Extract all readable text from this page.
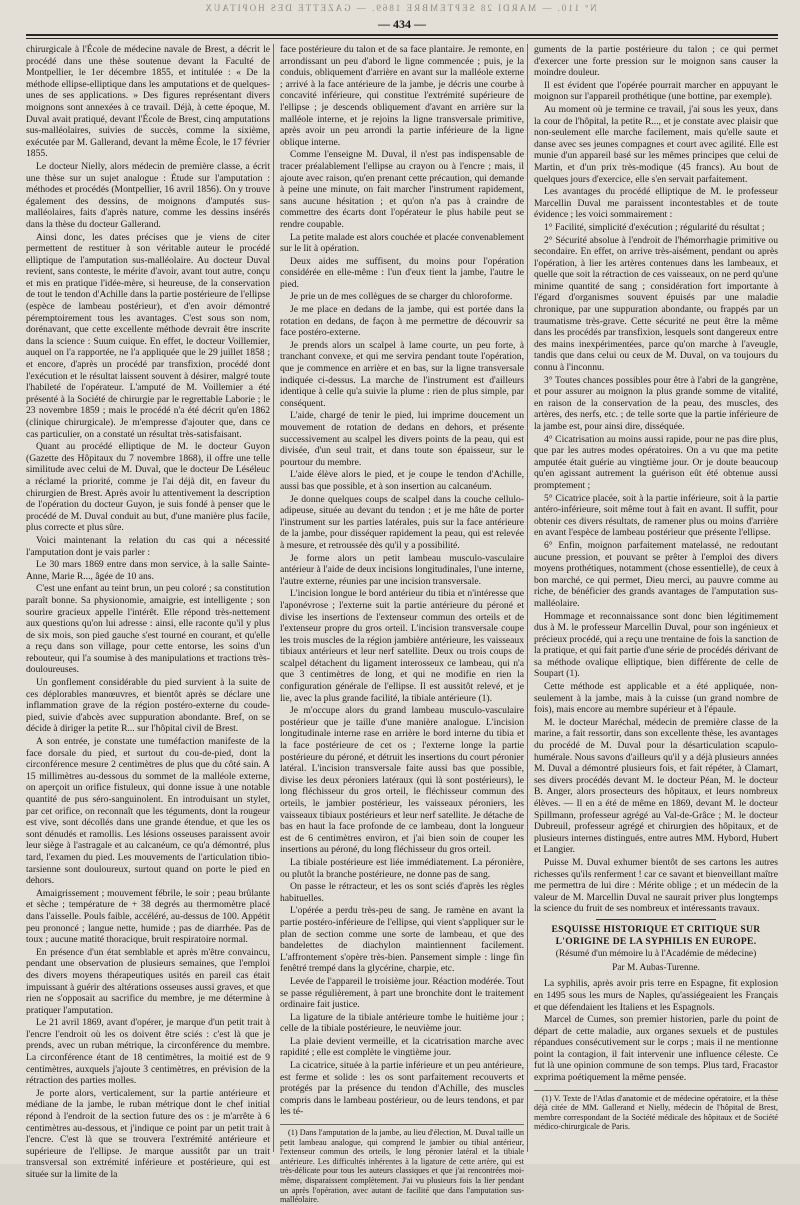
Nº 110. — MARDI 28 SEPTEMBRE 1869. — GAZETTE DES HOPITAUX
— 434 —

chirurgicale à l'École de médecine navale de Brest, a décrit le procédé dans une thèse soutenue devant la Faculté de Montpellier, le 1er décembre 1855, et intitulée : « De la méthode ellipse-elliptique dans les amputations et de quelques-unes de ses applications. » Des figures représentant divers moignons sont annexées à ce travail. Déjà, à cette époque, M. Duval avait pratiqué, devant l'École de Brest, cinq amputations sus-malléolaires, suivies de succès, comme la sixième, exécutée par M. Gallerand, devant la même École, le 17 février 1855.

Le docteur Nielly, alors médecin de première classe, a écrit une thèse sur un sujet analogue : Étude sur l'amputation : méthodes et procédés (Montpellier, 16 avril 1856). On y trouve également des dessins, de moignons d'amputés sus-malléolaires, faits d'après nature, comme les dessins insérés dans la thèse du docteur Gallerand.

Ainsi donc, les dates précises que je viens de citer permettent de restituer à son véritable auteur le procédé elliptique de l'amputation sus-malléolaire. Au docteur Duval revient, sans conteste, le mérite d'avoir, avant tout autre, conçu et mis en pratique l'idée-mère, si heureuse, de la conservation de tout le tendon d'Achille dans la partie postérieure de l'ellipse (espèce de lambeau postérieur), et d'en avoir démontré péremptoirement tous les avantages. C'est sous son nom, dorénavant, que cette excellente méthode devrait être inscrite dans la science : Suum cuique. En effet, le docteur Voillemier, auquel on l'a rapportée, ne l'a appliquée que le 29 juillet 1858 ; et encore, d'après un procédé par transfixion, procédé dont l'exécution et le résultat laissent souvent à désirer, malgré toute l'habileté de l'opérateur. L'amputé de M. Voillemier a été présenté à la Société de chirurgie par le regrettable Laborie ; le 23 novembre 1859 ; mais le procédé n'a été décrit qu'en 1862 (clinique chirurgicale). Je m'empresse d'ajouter que, dans ce cas particulier, on a constaté un résultat très-satisfaisant.

Quant au procédé elliptique de M. le docteur Guyon (Gazette des Hôpitaux du 7 novembre 1868), il offre une telle similitude avec celui de M. Duval, que le docteur De Léséleuc a réclamé la priorité, comme je l'ai déjà dit, en faveur du chirurgien de Brest. Après avoir lu attentivement la description de l'opération du docteur Guyon, je suis fondé à penser que le procédé de M. Duval conduit au but, d'une manière plus facile, plus correcte et plus sûre.

Voici maintenant la relation du cas qui a nécessité l'amputation dont je vais parler :

Le 30 mars 1869 entre dans mon service, à la salle Sainte-Anne, Marie R..., âgée de 10 ans.

C'est une enfant au teint brun, un peu coloré ; sa constitution paraît bonne. Sa physionomie, amaigrie, est intelligente ; son sourire gracieux appelle l'intérêt. Elle répond très-nettement aux questions qu'on lui adresse : ainsi, elle raconte qu'il y plus de six mois, son pied gauche s'est tourné en courant, et qu'elle a reçu dans son village, pour cette entorse, les soins d'un rebouteur, qui l'a soumise à des manipulations et tractions très-douloureuses.

Un gonflement considérable du pied survient à la suite de ces déplorables manœuvres, et bientôt après se déclare une inflammation grave de la région postéro-externe du coude-pied, suivie d'abcès avec suppuration abondante. Bref, on se décide à diriger la petite R... sur l'hôpital civil de Brest.

A son entrée, je constate une tuméfaction manifeste de la face dorsale du pied, et surtout du cou-de-pied, dont la circonférence mesure 2 centimètres de plus que du côté sain. A 15 millimètres au-dessous du sommet de la malléole externe, on aperçoit un orifice fistuleux, qui donne issue à une notable quantité de pus séro-sanguinolent. En introduisant un stylet, par cet orifice, on reconnaît que les téguments, dont la rougeur est vive, sont décollés dans une grande étendue, et que les os sont dénudés et ramollis. Les lésions osseuses paraissent avoir leur siège à l'astragale et au calcanéum, ce qu'a démontré, plus tard, l'examen du pied. Les mouvements de l'articulation tibio-tarsienne sont douloureux, surtout quand on porte le pied en dehors.

Amaigrissement ; mouvement fébrile, le soir ; peau brûlante et sèche ; température de + 38 degrés au thermomètre placé dans l'aisselle. Pouls faible, accéléré, au-dessus de 100. Appétit peu prononcé ; langue nette, humide ; pas de diarrhée. Pas de toux ; aucune matité thoracique, bruit respiratoire normal.

En présence d'un état semblable et après m'être convaincu, pendant une observation de plusieurs semaines, que l'emploi des divers moyens thérapeutiques usités en pareil cas était impuissant à guérir des altérations osseuses aussi graves, et que rien ne s'opposait au sacrifice du membre, je me détermine à pratiquer l'amputation.

Le 21 avril 1869, avant d'opérer, je marque d'un petit trait à l'encre l'endroit où les os doivent être sciés : c'est là que je prends, avec un ruban métrique, la circonférence du membre. La circonférence étant de 18 centimètres, la moitié est de 9 centimètres, auxquels j'ajoute 3 centimètres, en prévision de la rétraction des parties molles.

Je porte alors, verticalement, sur la partie antérieure et médiane de la jambe, le ruban métrique dont le chef initial répond à l'endroit de la section future des os : je m'arrête à 6 centimètres au-dessous, et j'indique ce point par un petit trait à l'encre. C'est là que se trouvera l'extrémité antérieure et supérieure de l'ellipse. Je marque aussitôt par un trait transversal son extrémité inférieure et postérieure, qui est située sur la limite de la

face postérieure du talon et de sa face plantaire. Je remonte, en arrondissant un peu d'abord le ligne commencée ; puis, je la conduis, obliquement d'arrière en avant sur la malléole externe ; arrivé à la face antérieure de la jambe, je décris une courbe à concavité inférieure, qui constitue l'extrémité supérieure de l'ellipse ; je descends obliquement d'avant en arrière sur la malléole interne, et je rejoins la ligne transversale primitive, après avoir un peu arrondi la partie inférieure de la ligne oblique interne.

Comme l'enseigne M. Duval, il n'est pas indispensable de tracer préalablement l'ellipse au crayon ou à l'encre ; mais, il ajoute avec raison, qu'en prenant cette précaution, qui demande à peine une minute, on fait marcher l'instrument rapidement, sans aucune hésitation ; et qu'on n'a pas à craindre de commettre des écarts dont l'opérateur le plus habile peut se rendre coupable.

La petite malade est alors couchée et placée convenablement sur le lit à opération.

Deux aides me suffisent, du moins pour l'opération considérée en elle-même : l'un d'eux tient la jambe, l'autre le pied.

Je prie un de mes collègues de se charger du chloroforme.

Je me place en dedans de la jambe, qui est portée dans la rotation en dedans, de façon à me permettre de découvrir sa face postéro-externe.

Je prends alors un scalpel à lame courte, un peu forte, à tranchant convexe, et qui me servira pendant toute l'opération, que je commence en arrière et en bas, sur la ligne transversale indiquée ci-dessus. La marche de l'instrument est d'ailleurs identique à celle qu'a suivie la plume : rien de plus simple, par conséquent.

L'aide, chargé de tenir le pied, lui imprime doucement un mouvement de rotation de dedans en dehors, et présente successivement au scalpel les divers points de la peau, qui est divisée, d'un seul trait, et dans toute son épaisseur, sur le pourtour du membre.

L'aide élève alors le pied, et je coupe le tendon d'Achille, aussi bas que possible, et à son insertion au calcanéum.

Je donne quelques coups de scalpel dans la couche cellulo-adipeuse, située au devant du tendon ; et je me hâte de porter l'instrument sur les parties latérales, puis sur la face antérieure de la jambe, pour disséquer rapidement la peau, qui est relevée à mesure, et retroussée dès qu'il y a possibilité.

Je forme alors un petit lambeau musculo-vasculaire antérieur à l'aide de deux incisions longitudinales, l'une interne, l'autre externe, réunies par une incision transversale.

L'incision longue le bord antérieur du tibia et n'intéresse que l'aponévrose ; l'externe suit la partie antérieure du péroné et divise les insertions de l'extenseur commun des orteils et de l'extenseur propre du gros orteil. L'incision transversale coupe les trois muscles de la région jambière antérieure, les vaisseaux tibiaux antérieurs et leur nerf satellite. Deux ou trois coups de scalpel détachent du ligament interosseux ce lambeau, qui n'a que 3 centimètres de long, et qui ne modifie en rien la configuration générale de l'ellipse. Il est aussitôt relevé, et je lie, avec la plus grande facilité, la tibiale antérieure (1).

Je m'occupe alors du grand lambeau musculo-vasculaire postérieur que je taille d'une manière analogue. L'incision longitudinale interne rase en arrière le bord interne du tibia et la face postérieure de cet os ; l'externe longe la partie postérieure du péroné, et détruit les insertions du court péronier latéral. L'incision transversale faite aussi bas que possible, divise les deux péroniers latéraux (qui là sont postérieurs), le long fléchisseur du gros orteil, le fléchisseur commun des orteils, le jambier postérieur, les vaisseaux péroniers, les vaisseaux tibiaux postérieurs et leur nerf satellite. Je détache de bas en haut la face profonde de ce lambeau, dont la longueur est de 6 centimètres environ, et j'ai bien soin de couper les insertions au péroné, du long fléchisseur du gros orteil.

La tibiale postérieure est liée immédiatement. La péronière, ou plutôt la branche postérieure, ne donne pas de sang.

On passe le rétracteur, et les os sont sciés d'après les règles habituelles.

L'opérée a perdu très-peu de sang. Je ramène en avant la partie postéro-inférieure de l'ellipse, qui vient s'appliquer sur le plan de section comme une sorte de lambeau, et que des bandelettes de diachylon maintiennent facilement. L'affrontement s'opère très-bien. Pansement simple : linge fin fenêtré trempé dans la glycérine, charpie, etc.

Levée de l'appareil le troisième jour. Réaction modérée. Tout se passe régulièrement, à part une bronchite dont le traitement ordinaire fait justice.

La ligature de la tibiale antérieure tombe le huitième jour ; celle de la tibiale postérieure, le neuvième jour.

La plaie devient vermeille, et la cicatrisation marche avec rapidité ; elle est complète le vingtième jour.

La cicatrice, située à la partie inférieure et un peu antérieure, est ferme et solide : les os sont parfaitement recouverts et protégés par la présence du tendon d'Achille, des muscles compris dans le lambeau postérieur, ou de leurs tendons, et par les té-

(1) Dans l'amputation de la jambe, au lieu d'élection, M. Duval taille un petit lambeau analogue, qui comprend le jambier ou tibial antérieur, l'extenseur commun des orteils, le long péronier latéral et la tibiale antérieure. Les difficultés inhérentes à la ligature de cette artère, qui est très-délicate pour tous les auteurs classiques et que j'ai rencontrées moi-même, disparaissent complètement. J'ai vu plusieurs fois la lier pendant un après l'opération, avec autant de facilité que dans l'amputation sus-malléolaire.

guments de la partie postérieure du talon ; ce qui permet d'exercer une forte pression sur le moignon sans causer la moindre douleur.

Il est évident que l'opérée pourrait marcher en appuyant le moignon sur l'appareil prothétique (une bottine, par exemple).

Au moment où je termine ce travail, j'ai sous les yeux, dans la cour de l'hôpital, la petite R..., et je constate avec plaisir que non-seulement elle marche facilement, mais qu'elle saute et danse avec ses jeunes compagnes et court avec agilité. Elle est munie d'un appareil basé sur les mêmes principes que celui de Martin, et d'un prix très-modique (45 francs). Au bout de quelques jours d'exercice, elle s'en servait parfaitement.

Les avantages du procédé elliptique de M. le professeur Marcellin Duval me paraissent incontestables et de toute évidence ; les voici sommairement :

1° Facilité, simplicité d'exécution ; régularité du résultat ;

2° Sécurité absolue à l'endroit de l'hémorrhagie primitive ou secondaire. En effet, on arrive très-aisément, pendant ou après l'opération, à lier les artères contenues dans les lambeaux, et quelle que soit la rétraction de ces vaisseaux, on ne perd qu'une minime quantité de sang ; considération fort importante à l'égard d'organismes souvent épuisés par une maladie chronique, par une suppuration abondante, ou frappés par un traumatisme très-grave. Cette sécurité ne peut être la même dans les procédés par transfixion, lesquels sont dangereux entre des mains inexpérimentées, parce qu'on marche à l'aveugle, tandis que dans celui ou ceux de M. Duval, on va toujours du connu à l'inconnu.

3° Toutes chances possibles pour être à l'abri de la gangrène, et pour assurer au moignon la plus grande somme de vitalité, en raison de la conservation de la peau, des muscles, des artères, des nerfs, etc. ; de telle sorte que la partie inférieure de la jambe est, pour ainsi dire, disséquée.

4° Cicatrisation au moins aussi rapide, pour ne pas dire plus, que par les autres modes opératoires. On a vu que ma petite amputée était guérie au vingtième jour. Or je doute beaucoup qu'en agissant autrement la guérison eût été obtenue aussi promptement ;

5° Cicatrice placée, soit à la partie inférieure, soit à la partie antéro-inférieure, soit même tout à fait en avant. Il suffit, pour obtenir ces divers résultats, de ramener plus ou moins d'arrière en avant l'espèce de lambeau postérieur que présente l'ellipse.

6° Enfin, moignon parfaitement matelassé, ne redoutant aucune pression, et pouvant se prêter à l'emploi des divers moyens prothétiques, notamment (chose essentielle), de ceux à bon marché, ce qui permet, Dieu merci, au pauvre comme au riche, de bénéficier des grands avantages de l'amputation sus-malléolaire.

Hommage et reconnaissance sont donc bien légitimement dus à M. le professeur Marcellin Duval, pour son ingénieux et précieux procédé, qui a reçu une trentaine de fois la sanction de la pratique, et qui fait partie d'une série de procédés dérivant de sa méthode ovalique elliptique, bien différente de celle de Soupart (1).

Cette méthode est applicable et a été appliquée, non-seulement à la jambe, mais à la cuisse (un grand nombre de fois), mais encore au membre supérieur et à l'épaule.

M. le docteur Maréchal, médecin de première classe de la marine, a fait ressortir, dans son excellente thèse, les avantages du procédé de M. Duval pour la désarticulation scapulo-humérale. Nous savons d'ailleurs qu'il y a déjà plusieurs années M. Duval a démontré plusieurs fois, et fait répéter, à Clamart, ses divers procédés devant M. le docteur Péan, M. le docteur B. Anger, alors prosecteurs des hôpitaux, et leurs nombreux élèves. — Il en a été de même en 1869, devant M. le docteur Spillmann, professeur agrégé au Val-de-Grâce ; M. le docteur Dubreuil, professeur agrégé et chirurgien des hôpitaux, et de plusieurs internes distingués, entre autres MM. Hybord, Hubert et Langier.

Puisse M. Duval exhumer bientôt de ses cartons les autres richesses qu'ils renferment ! car ce savant et bienveillant maître me permettra de lui dire : Mérite oblige ; et un médecin de la valeur de M. Marcellin Duval ne saurait priver plus longtemps la science du fruit de ses nombreux et intéressants travaux.

ESQUISSE HISTORIQUE ET CRITIQUE SUR L'ORIGINE DE LA SYPHILIS EN EUROPE.
(Résumé d'un mémoire lu à l'Académie de médecine)
Par M. Aubas-Turenne.

La syphilis, après avoir pris terre en Espagne, fit explosion en 1495 sous les murs de Naples, qu'assiégeaient les Français et que défendaient les Italiens et les Espagnols.

Marcel de Cumes, son premier historien, parle du point de départ de cette maladie, aux organes sexuels et de pustules répandues consécutivement sur le corps ; mais il ne mentionne point la contagion, il fait intervenir une influence céleste. Ce fut là une opinion commune de son temps. Plus tard, Fracastor exprima poétiquement la même pensée.

(1) V. Texte de l'Atlas d'anatomie et de médecine opératoire, et la thèse déjà citée de MM. Gallerand et Nielly, médecin de l'hôpital de Brest, membre correspondant de la Société médicale des hôpitaux et de Société médico-chirurgicale de Paris.
